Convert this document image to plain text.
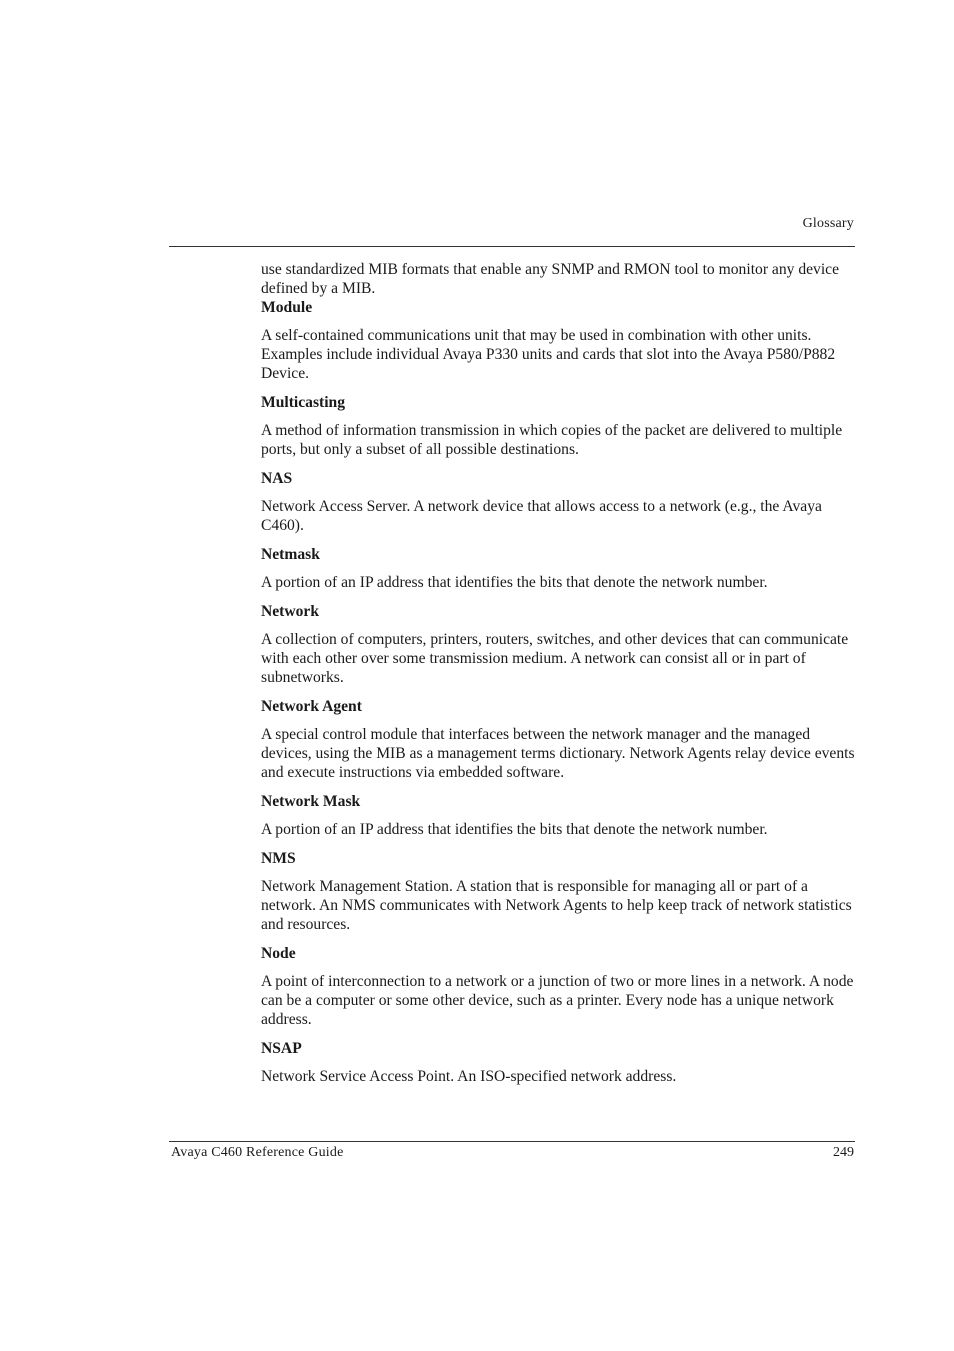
Glossary

use standardized MIB formats that enable any SNMP and RMON tool to monitor any device defined by a MIB.

Module

A self-contained communications unit that may be used in combination with other units. Examples include individual Avaya P330 units and cards that slot into the Avaya P580/P882 Device.

Multicasting

A method of information transmission in which copies of the packet are delivered to multiple ports, but only a subset of all possible destinations.

NAS

Network Access Server. A network device that allows access to a network (e.g., the Avaya C460).

Netmask

A portion of an IP address that identifies the bits that denote the network number.

Network

A collection of computers, printers, routers, switches, and other devices that can communicate with each other over some transmission medium. A network can consist all or in part of subnetworks.

Network Agent

A special control module that interfaces between the network manager and the managed devices, using the MIB as a management terms dictionary. Network Agents relay device events and execute instructions via embedded software.

Network Mask

A portion of an IP address that identifies the bits that denote the network number.

NMS

Network Management Station. A station that is responsible for managing all or part of a network. An NMS communicates with Network Agents to help keep track of network statistics and resources.

Node

A point of interconnection to a network or a junction of two or more lines in a network. A node can be a computer or some other device, such as a printer. Every node has a unique network address.

NSAP

Network Service Access Point. An ISO-specified network address.

Avaya C460 Reference Guide	249
